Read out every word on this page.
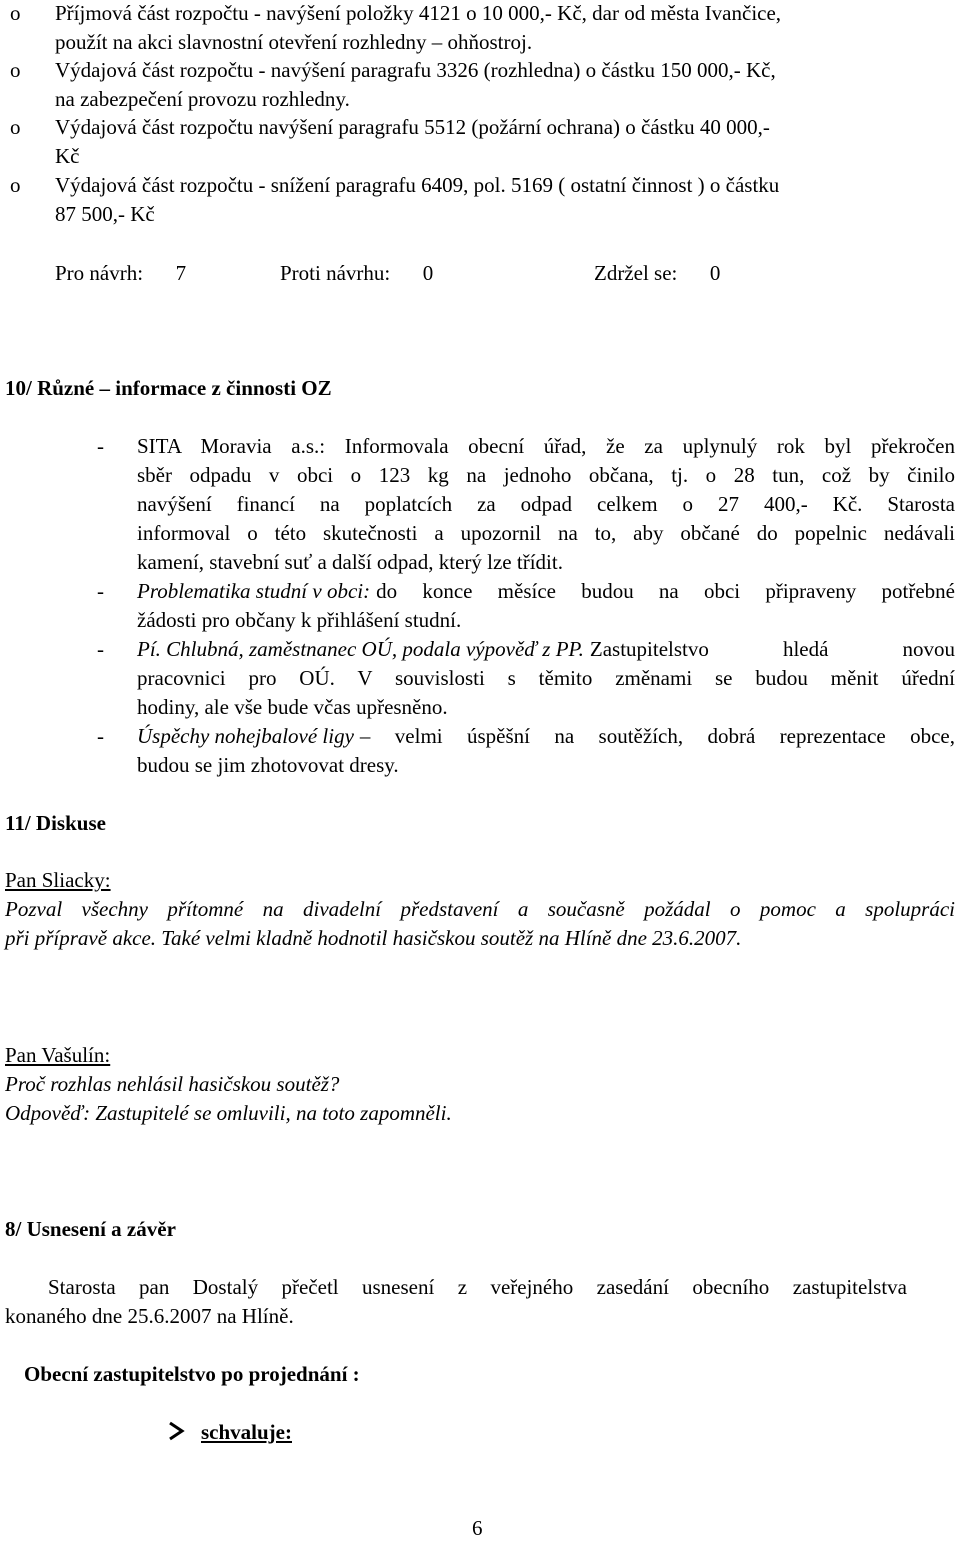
o Příjmová část rozpočtu - navýšení položky 4121 o 10 000,- Kč, dar od města Ivančice,
použít na akci slavnostní otevření rozhledny – ohňostroj.
o Výdajová část rozpočtu - navýšení paragrafu 3326 (rozhledna) o částku 150 000,- Kč,
na zabezpečení provozu rozhledny.
o Výdajová část rozpočtu navýšení paragrafu 5512 (požární ochrana) o částku 40 000,-
Kč
o Výdajová část rozpočtu - snížení paragrafu 6409, pol. 5169 ( ostatní činnost ) o částku
87 500,- Kč
Pro návrh: 7	Proti návrhu: 0	Zdržel se: 0
10/ Různé – informace z činnosti OZ
- SITA Moravia a.s.: Informovala obecní úřad, že za uplynulý rok byl překročen
sběr odpadu v obci o 123 kg na jednoho občana, tj. o 28 tun, což by činilo
navýšení financí na poplatcích za odpad celkem o 27 400,- Kč. Starosta
informoval o této skutečnosti a upozornil na to, aby občané do popelnic nedávali
kamení, stavební suť a další odpad, který lze třídit.
- Problematika studní v obci: do konce měsíce budou na obci připraveny potřebné
žádosti pro občany k přihlášení studní.
- Pí. Chlubná, zaměstnanec OÚ, podala výpověď z PP. Zastupitelstvo hledá novou
pracovnici pro OÚ. V souvislosti s těmito změnami se budou měnit úřední
hodiny, ale vše bude včas upřesněno.
- Úspěchy nohejbalové ligy – velmi úspěšní na soutěžích, dobrá reprezentace obce,
budou se jim zhotovovat dresy.
11/ Diskuse
Pan Sliacky:
Pozval všechny přítomné na divadelní představení a současně požádal o pomoc a spolupráci
při přípravě akce. Také velmi kladně hodnotil hasičskou soutěž na Hlíně dne 23.6.2007.
Pan Vašulín:
Proč rozhlas nehlásil hasičskou soutěž?
Odpověď: Zastupitelé se omluvili, na toto zapomněli.
8/ Usnesení a závěr
Starosta pan Dostalý přečetl usnesení z veřejného zasedání obecního zastupitelstva
konaného dne 25.6.2007 na Hlíně.
Obecní zastupitelstvo po projednání :
schvaluje:
6
